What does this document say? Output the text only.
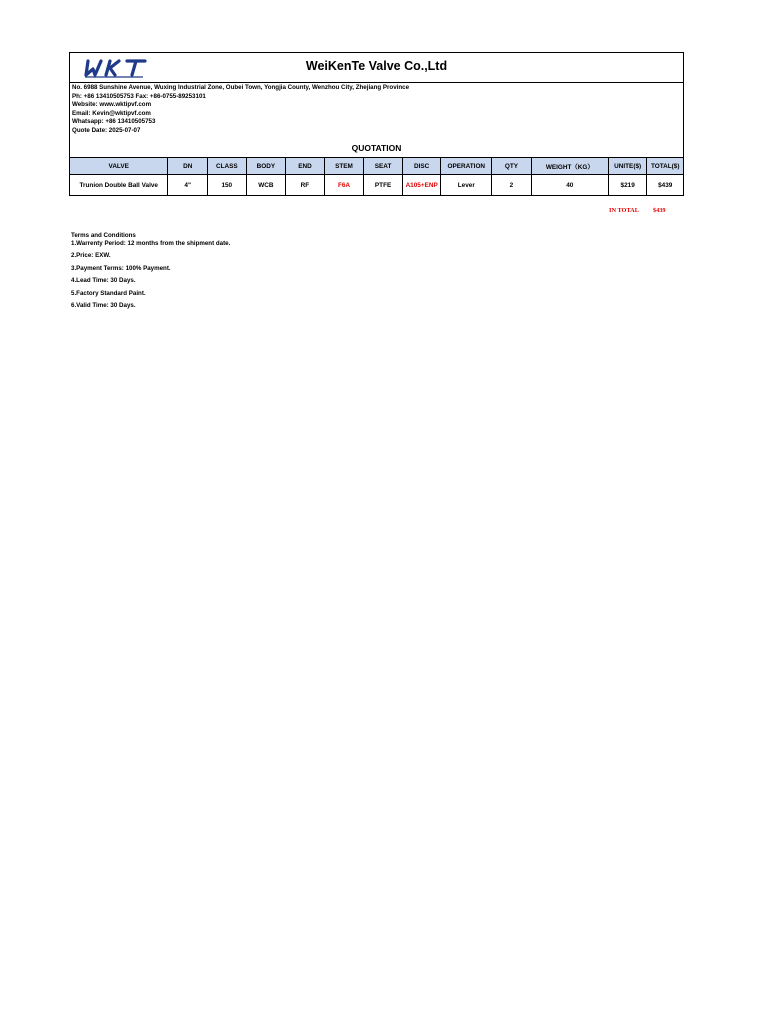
WeiKenTe Valve Co.,Ltd
No. 6988 Sunshine Avenue, Wuxing Industrial Zone, Oubei Town, Yongjia County, Wenzhou City, Zhejiang Province
Ph: +86 13410505753 Fax: +86-0755-89253101
Website: www.wktipvf.com
Email: Kevin@wktipvf.com
Whatsapp: +86 13410505753
Quote Date: 2025-07-07
QUOTATION
VALVE	DN	CLASS	BODY	END	STEM	SEAT	DISC	OPERATION	QTY	WEIGHT（KG）	UNITE($)	TOTAL($)
Trunion Double Ball Valve	4"	150	WCB	RF	F6A	PTFE	A105+ENP	Lever	2	40	$219	$439
IN TOTAL $439
Terms and Conditions
1.Warrenty Period: 12 months from the shipment date.
2.Price: EXW.
3.Payment Terms: 100% Payment.
4.Lead Time: 30 Days.
5.Factory Standard Paint.
6.Valid Time: 30 Days.
